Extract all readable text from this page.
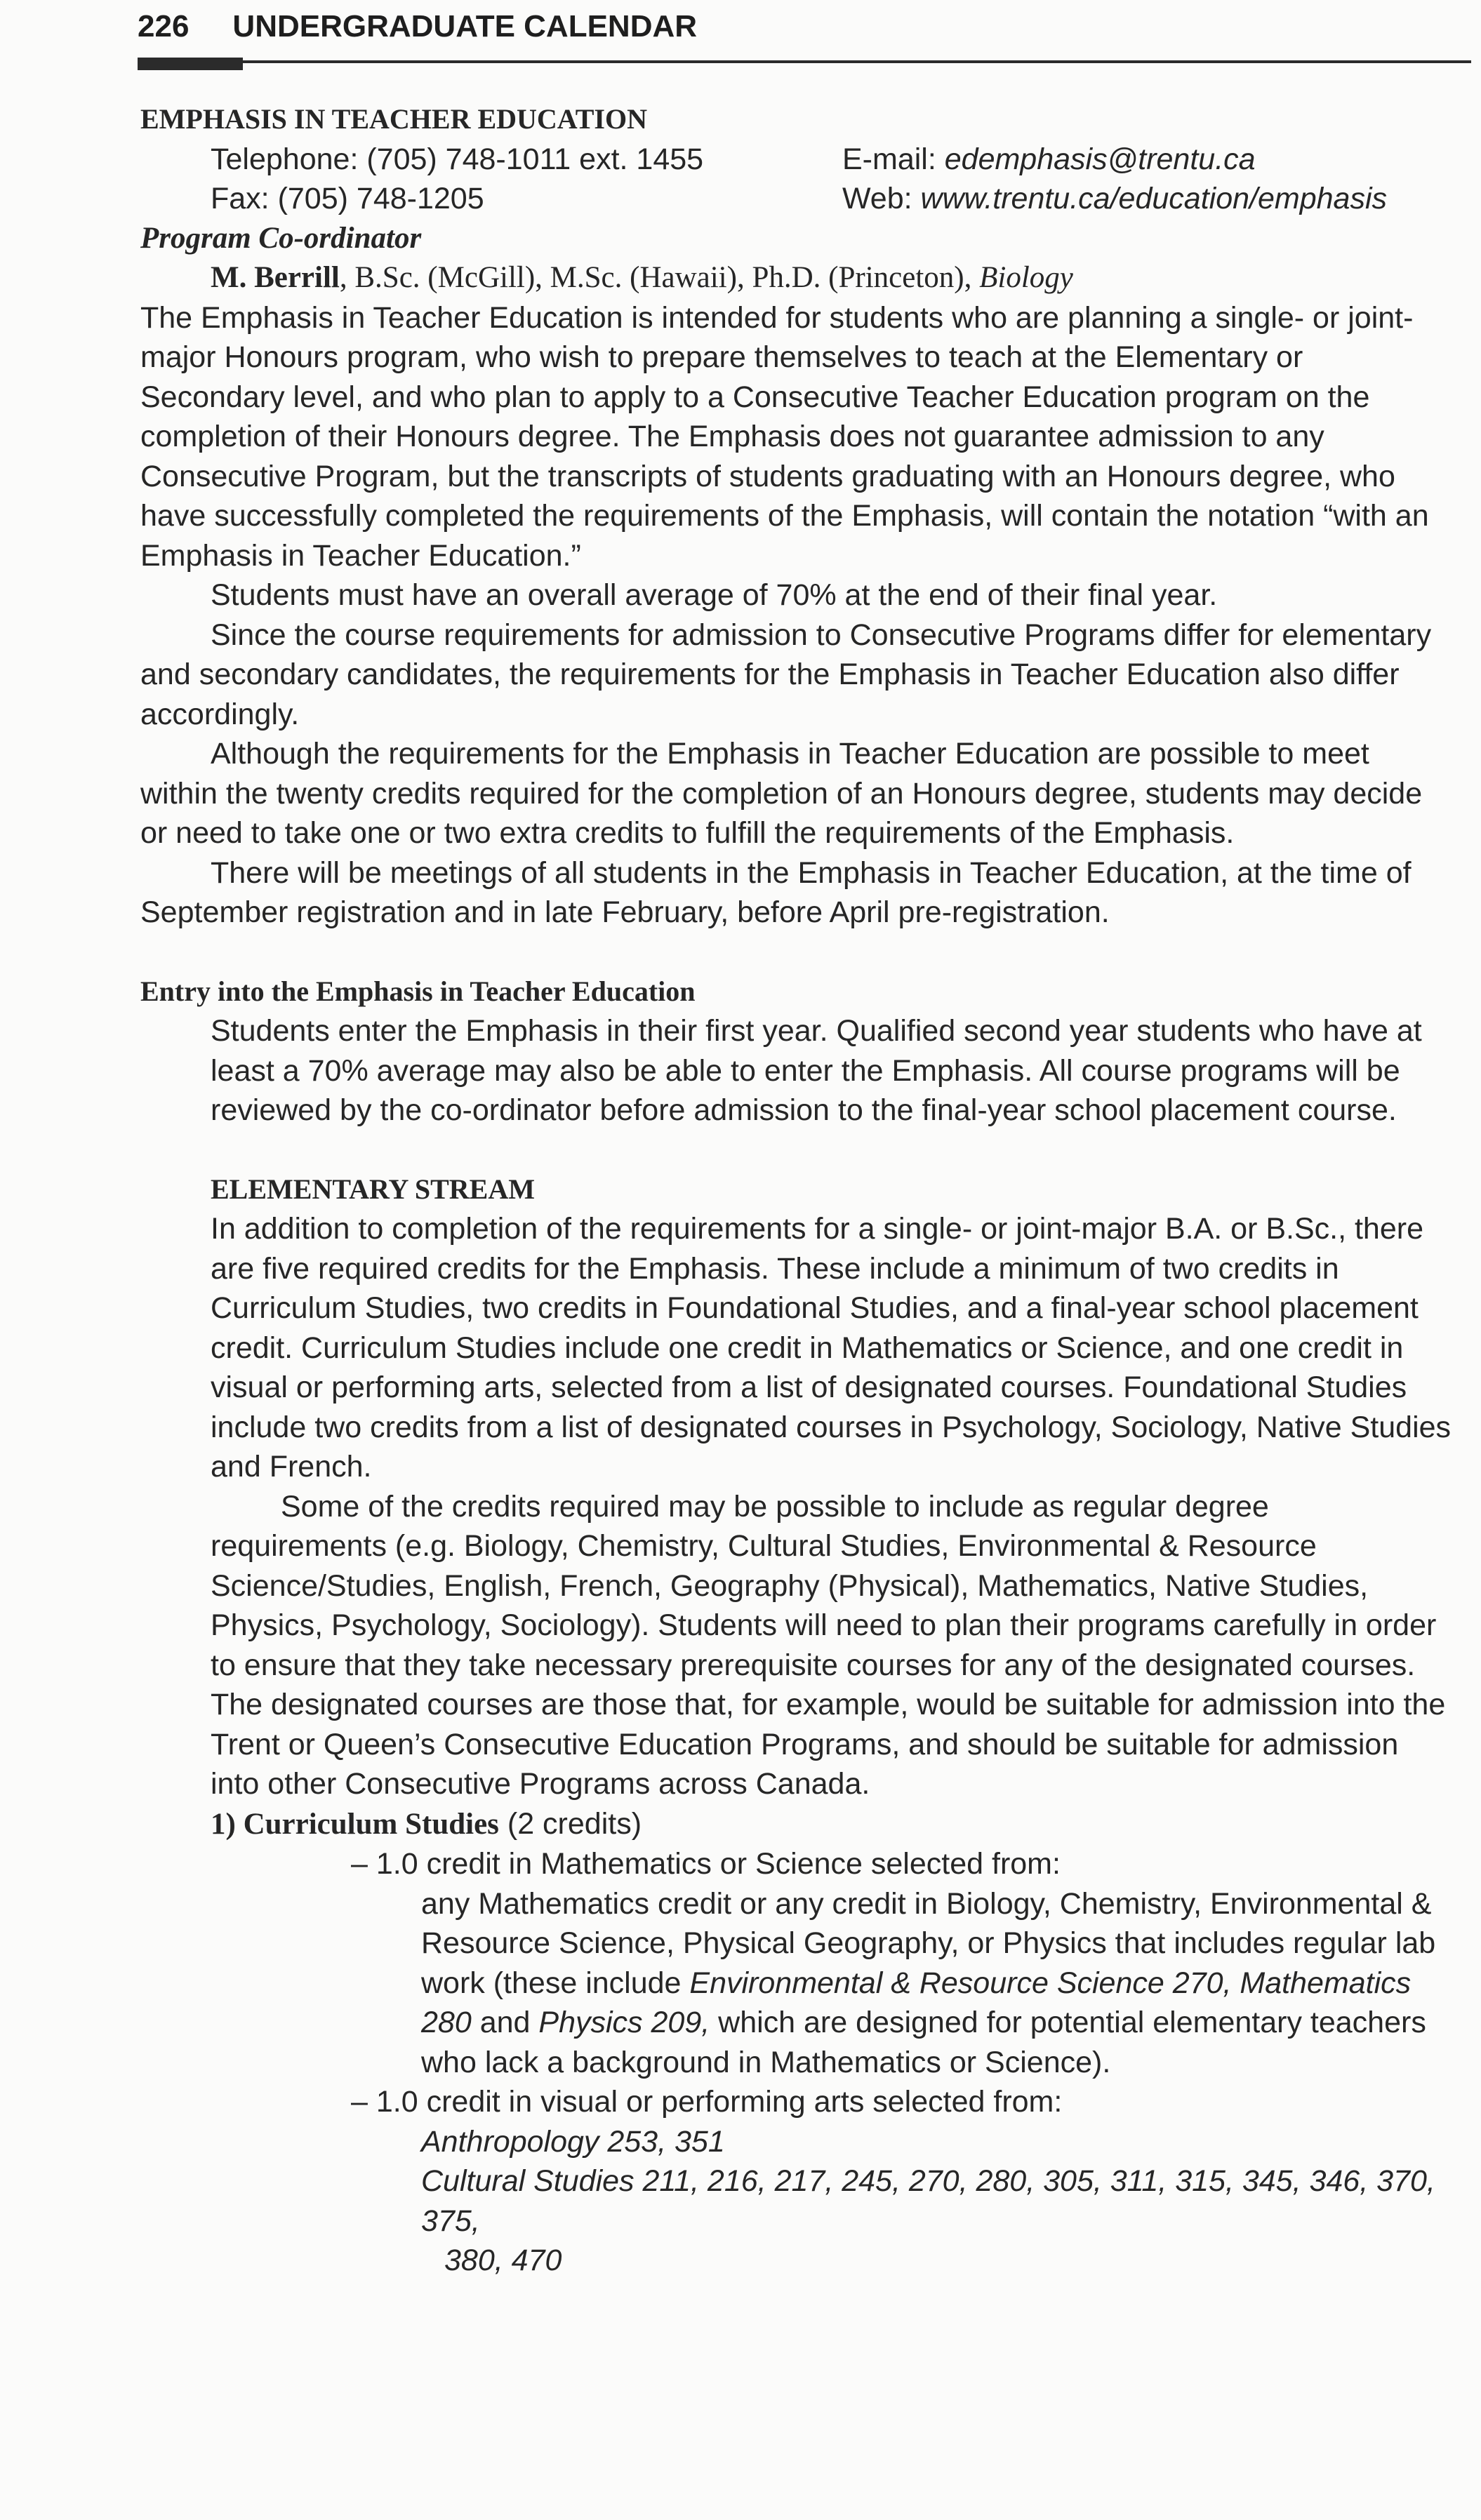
226 UNDERGRADUATE CALENDAR
EMPHASIS IN TEACHER EDUCATION
Telephone: (705) 748-1011 ext. 1455	E-mail: edemphasis@trentu.ca
Fax: (705) 748-1205	Web: www.trentu.ca/education/emphasis
Program Co-ordinator
M. Berrill, B.Sc. (McGill), M.Sc. (Hawaii), Ph.D. (Princeton), Biology
The Emphasis in Teacher Education is intended for students who are planning a single- or joint-major Honours program, who wish to prepare themselves to teach at the Elementary or Secondary level, and who plan to apply to a Consecutive Teacher Education program on the completion of their Honours degree. The Emphasis does not guarantee admission to any Consecutive Program, but the transcripts of students graduating with an Honours degree, who have successfully completed the requirements of the Emphasis, will contain the notation “with an Emphasis in Teacher Education.”
Students must have an overall average of 70% at the end of their final year.
Since the course requirements for admission to Consecutive Programs differ for elementary and secondary candidates, the requirements for the Emphasis in Teacher Education also differ accordingly.
Although the requirements for the Emphasis in Teacher Education are possible to meet within the twenty credits required for the completion of an Honours degree, students may decide or need to take one or two extra credits to fulfill the requirements of the Emphasis.
There will be meetings of all students in the Emphasis in Teacher Education, at the time of September registration and in late February, before April pre-registration.
Entry into the Emphasis in Teacher Education
Students enter the Emphasis in their first year. Qualified second year students who have at least a 70% average may also be able to enter the Emphasis. All course programs will be reviewed by the co-ordinator before admission to the final-year school placement course.
ELEMENTARY STREAM
In addition to completion of the requirements for a single- or joint-major B.A. or B.Sc., there are five required credits for the Emphasis. These include a minimum of two credits in Curriculum Studies, two credits in Foundational Studies, and a final-year school placement credit. Curriculum Studies include one credit in Mathematics or Science, and one credit in visual or performing arts, selected from a list of designated courses. Foundational Studies include two credits from a list of designated courses in Psychology, Sociology, Native Studies and French.
Some of the credits required may be possible to include as regular degree requirements (e.g. Biology, Chemistry, Cultural Studies, Environmental & Resource Science/Studies, English, French, Geography (Physical), Mathematics, Native Studies, Physics, Psychology, Sociology). Students will need to plan their programs carefully in order to ensure that they take necessary prerequisite courses for any of the designated courses. The designated courses are those that, for example, would be suitable for admission into the Trent or Queen’s Consecutive Education Programs, and should be suitable for admission into other Consecutive Programs across Canada.
1) Curriculum Studies (2 credits)
– 1.0 credit in Mathematics or Science selected from:
any Mathematics credit or any credit in Biology, Chemistry, Environmental & Resource Science, Physical Geography, or Physics that includes regular lab work (these include Environmental & Resource Science 270, Mathematics 280 and Physics 209, which are designed for potential elementary teachers who lack a background in Mathematics or Science).
– 1.0 credit in visual or performing arts selected from:
Anthropology 253, 351
Cultural Studies 211, 216, 217, 245, 270, 280, 305, 311, 315, 345, 346, 370, 375,
380, 470
